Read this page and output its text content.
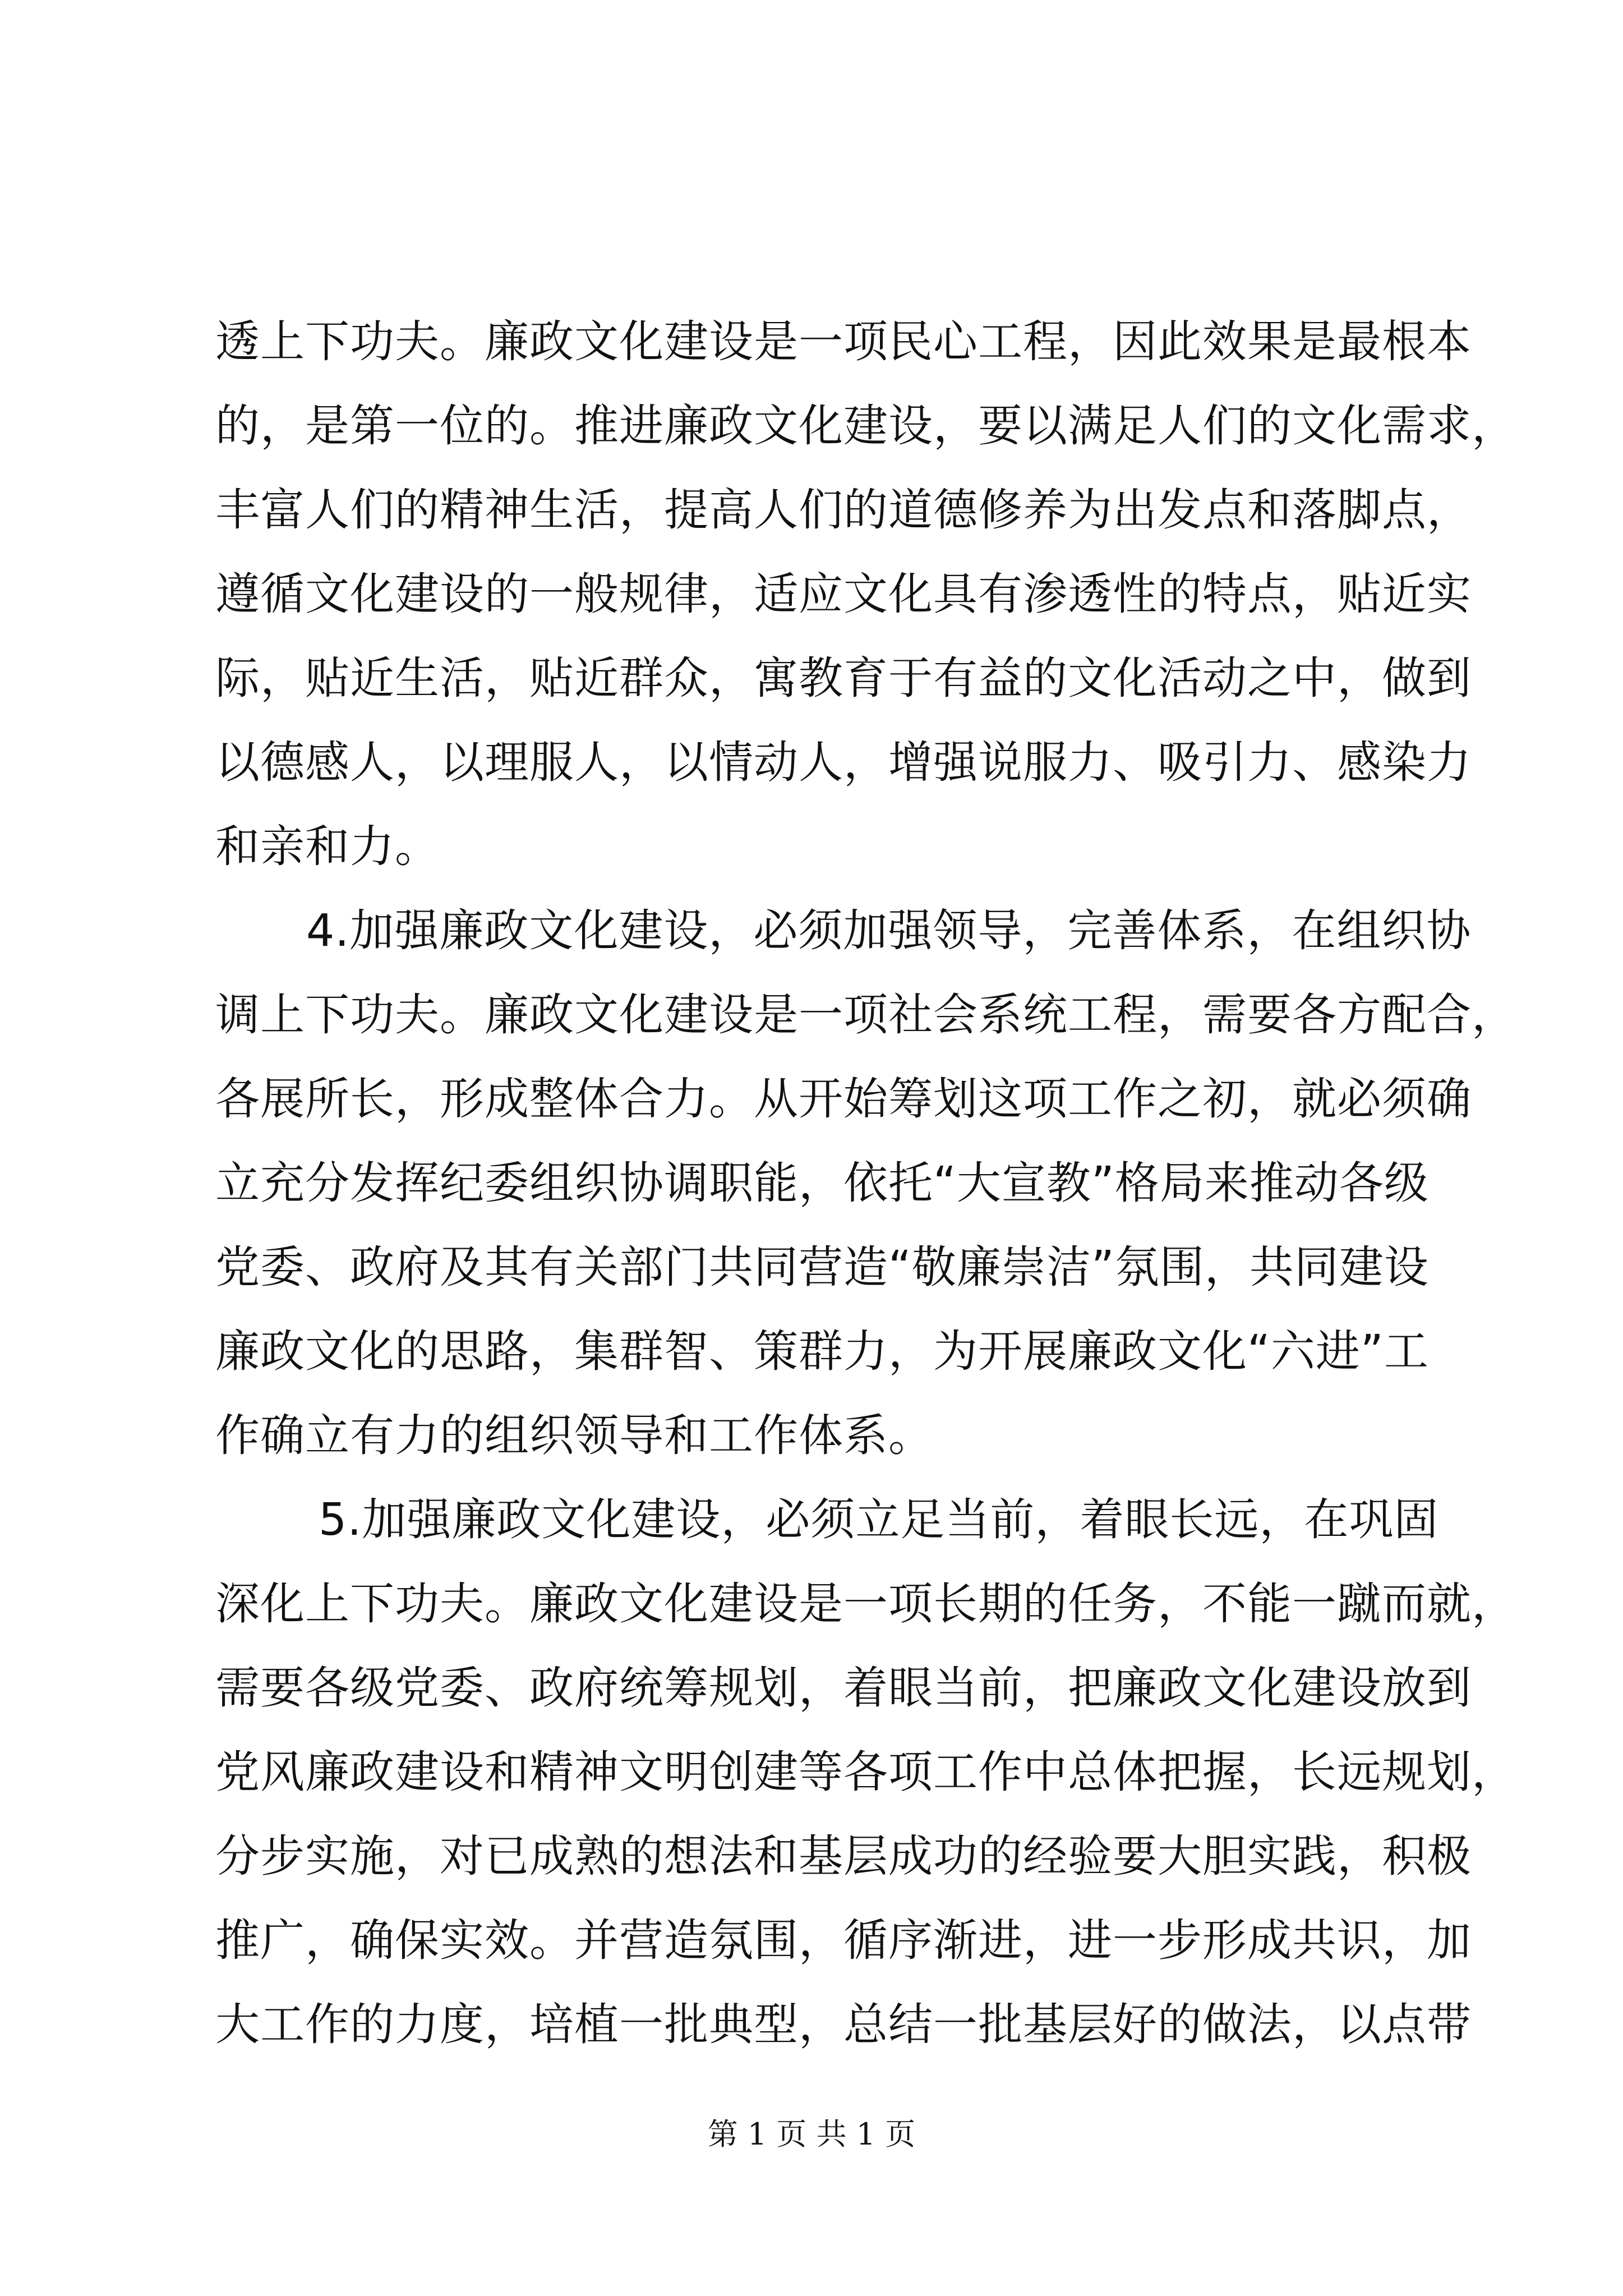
透上下功夫。廉政文化建设是一项民心工程，因此效果是最根本
的，是第一位的。推进廉政文化建设，要以满足人们的文化需求，
丰富人们的精神生活，提高人们的道德修养为出发点和落脚点，
遵循文化建设的一般规律，适应文化具有渗透性的特点，贴近实
际，贴近生活，贴近群众，寓教育于有益的文化活动之中，做到
以德感人，以理服人，以情动人，增强说服力、吸引力、感染力
和亲和力。
4.加强廉政文化建设，必须加强领导，完善体系，在组织协
调上下功夫。廉政文化建设是一项社会系统工程，需要各方配合，
各展所长，形成整体合力。从开始筹划这项工作之初，就必须确
立充分发挥纪委组织协调职能，依托“大宣教”格局来推动各级
党委、政府及其有关部门共同营造“敬廉崇洁”氛围，共同建设
廉政文化的思路，集群智、策群力，为开展廉政文化“六进”工
作确立有力的组织领导和工作体系。
5.加强廉政文化建设，必须立足当前，着眼长远，在巩固
深化上下功夫。廉政文化建设是一项长期的任务，不能一蹴而就，
需要各级党委、政府统筹规划，着眼当前，把廉政文化建设放到
党风廉政建设和精神文明创建等各项工作中总体把握，长远规划，
分步实施，对已成熟的想法和基层成功的经验要大胆实践，积极
推广，确保实效。并营造氛围，循序渐进，进一步形成共识，加
大工作的力度，培植一批典型，总结一批基层好的做法，以点带
第 1 页 共 1 页
